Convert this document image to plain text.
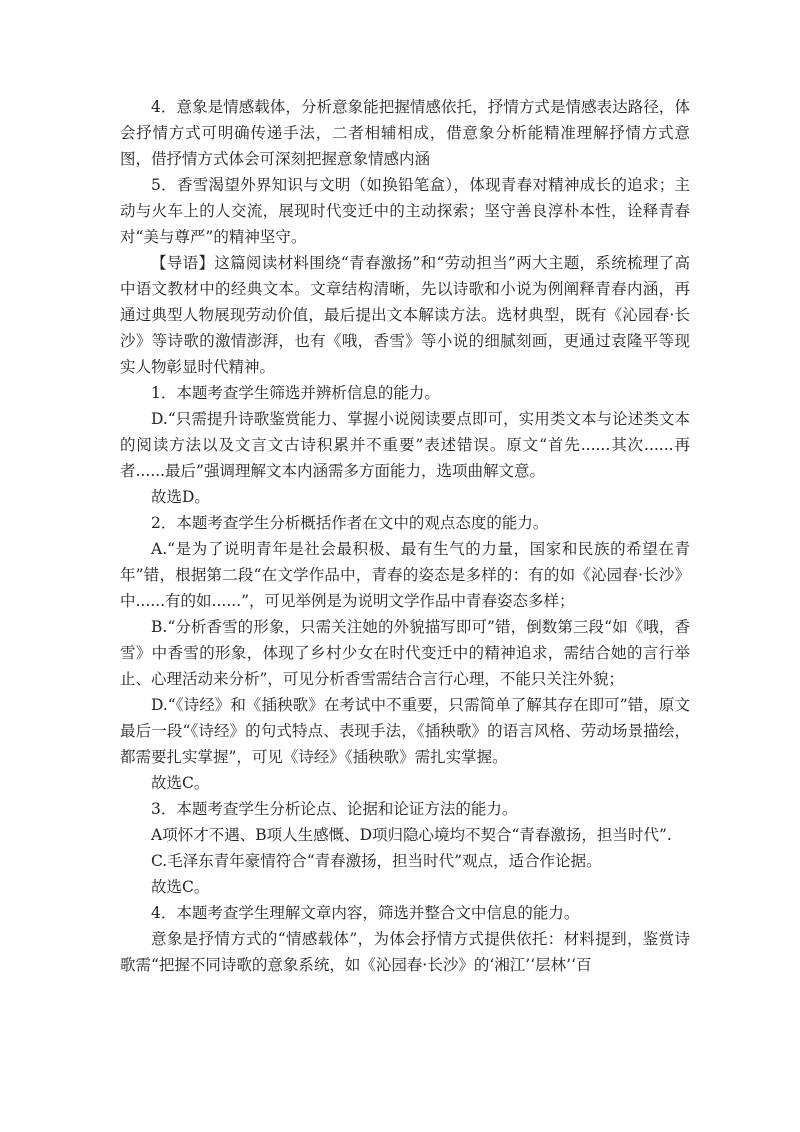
4．意象是情感载体，分析意象能把握情感依托，抒情方式是情感表达路径，体会抒情方式可明确传递手法，二者相辅相成，借意象分析能精准理解抒情方式意图，借抒情方式体会可深刻把握意象情感内涵

5．香雪渴望外界知识与文明（如换铅笔盒），体现青春对精神成长的追求；主动与火车上的人交流，展现时代变迁中的主动探索；坚守善良淳朴本性，诠释青春对“美与尊严”的精神坚守。

【导语】这篇阅读材料围绕“青春激扬”和“劳动担当”两大主题，系统梳理了高中语文教材中的经典文本。文章结构清晰，先以诗歌和小说为例阐释青春内涵，再通过典型人物展现劳动价值，最后提出文本解读方法。选材典型，既有《沁园春·长沙》等诗歌的激情澎湃，也有《哦，香雪》等小说的细腻刻画，更通过袁隆平等现实人物彰显时代精神。

1．本题考查学生筛选并辨析信息的能力。

D.“只需提升诗歌鉴赏能力、掌握小说阅读要点即可，实用类文本与论述类文本的阅读方法以及文言文古诗积累并不重要”表述错误。原文“首先......其次......再者......最后”强调理解文本内涵需多方面能力，选项曲解文意。

故选D。

2．本题考查学生分析概括作者在文中的观点态度的能力。

A.“是为了说明青年是社会最积极、最有生气的力量，国家和民族的希望在青年”错，根据第二段“在文学作品中，青春的姿态是多样的：有的如《沁园春·长沙》中......有的如......”，可见举例是为说明文学作品中青春姿态多样；

B.“分析香雪的形象，只需关注她的外貌描写即可”错，倒数第三段“如《哦，香雪》中香雪的形象，体现了乡村少女在时代变迁中的精神追求，需结合她的言行举止、心理活动来分析”，可见分析香雪需结合言行心理，不能只关注外貌；

D.“《诗经》和《插秧歌》在考试中不重要，只需简单了解其存在即可”错，原文最后一段“《诗经》的句式特点、表现手法，《插秧歌》的语言风格、劳动场景描绘，都需要扎实掌握”，可见《诗经》《插秧歌》需扎实掌握。

故选C。

3．本题考查学生分析论点、论据和论证方法的能力。

A项怀才不遇、B项人生感慨、D项归隐心境均不契合“青春激扬，担当时代”.

C.毛泽东青年豪情符合“青春激扬，担当时代”观点，适合作论据。

故选C。

4．本题考查学生理解文章内容，筛选并整合文中信息的能力。

意象是抒情方式的“情感载体”，为体会抒情方式提供依托：材料提到，鉴赏诗歌需“把握不同诗歌的意象系统，如《沁园春·长沙》的‘湘江’‘层林’‘百
